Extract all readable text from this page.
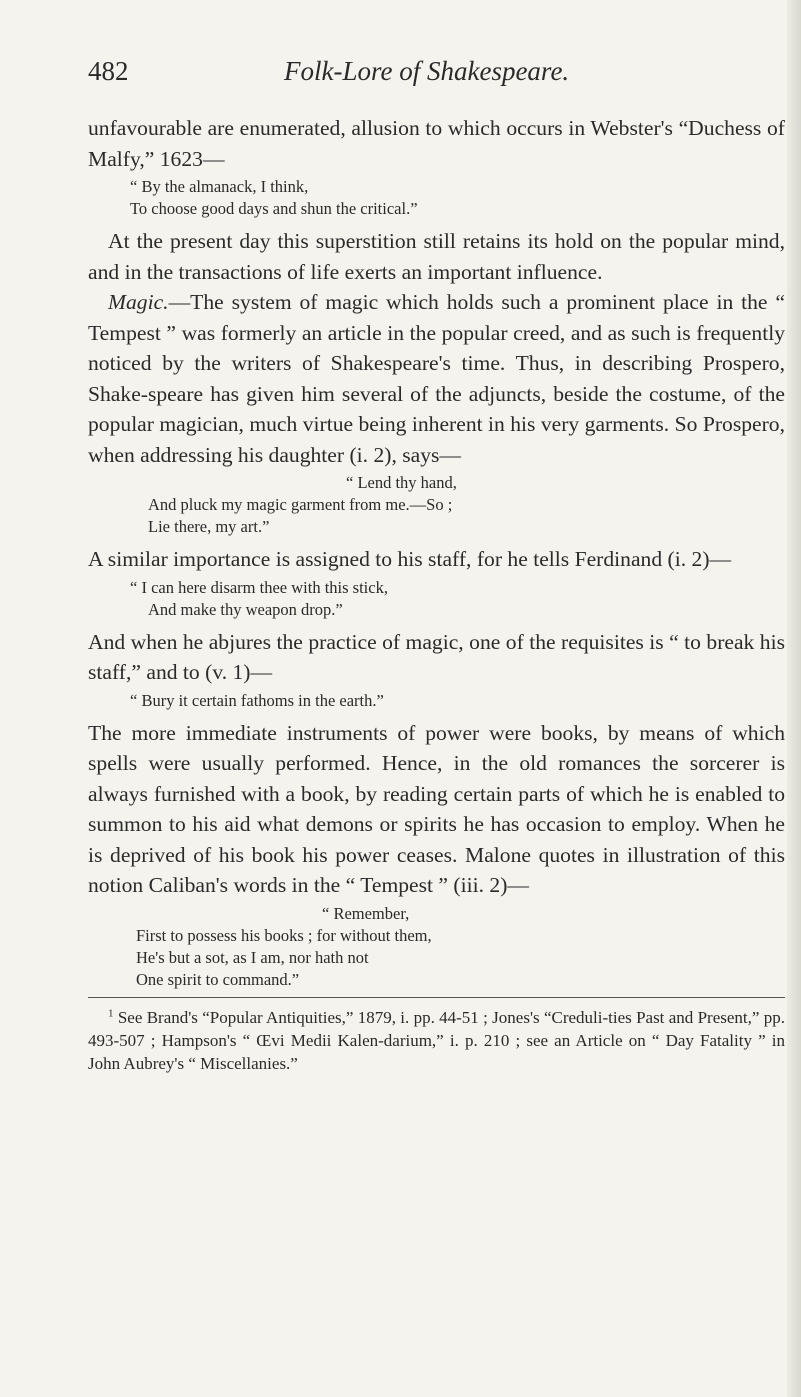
482	Folk-Lore of Shakespeare.

unfavourable are enumerated, allusion to which occurs in Webster's “Duchess of Malfy,” 1623—

“ By the almanack, I think,
To choose good days and shun the critical.”

At the present day this superstition still retains its hold on the popular mind, and in the transactions of life exerts an important influence.

Magic.—The system of magic which holds such a prominent place in the “ Tempest ” was formerly an article in the popular creed, and as such is frequently noticed by the writers of Shakespeare's time. Thus, in describing Prospero, Shake-speare has given him several of the adjuncts, beside the costume, of the popular magician, much virtue being inherent in his very garments. So Prospero, when addressing his daughter (i. 2), says—

“ Lend thy hand,
And pluck my magic garment from me.—So ;
Lie there, my art.”

A similar importance is assigned to his staff, for he tells Ferdinand (i. 2)—

“ I can here disarm thee with this stick,
And make thy weapon drop.”

And when he abjures the practice of magic, one of the requisites is “ to break his staff,” and to (v. 1)—

“ Bury it certain fathoms in the earth.”

The more immediate instruments of power were books, by means of which spells were usually performed. Hence, in the old romances the sorcerer is always furnished with a book, by reading certain parts of which he is enabled to summon to his aid what demons or spirits he has occasion to employ. When he is deprived of his book his power ceases. Malone quotes in illustration of this notion Caliban's words in the “ Tempest ” (iii. 2)—

“ Remember,
First to possess his books ; for without them,
He's but a sot, as I am, nor hath not
One spirit to command.”

$^1$ See Brand's “Popular Antiquities,” 1879, i. pp. 44-51 ; Jones's “Creduli-ties Past and Present,” pp. 493-507 ; Hampson's “ Œvi Medii Kalen-darium,” i. p. 210 ; see an Article on “ Day Fatality ” in John Aubrey's “ Miscellanies.”
